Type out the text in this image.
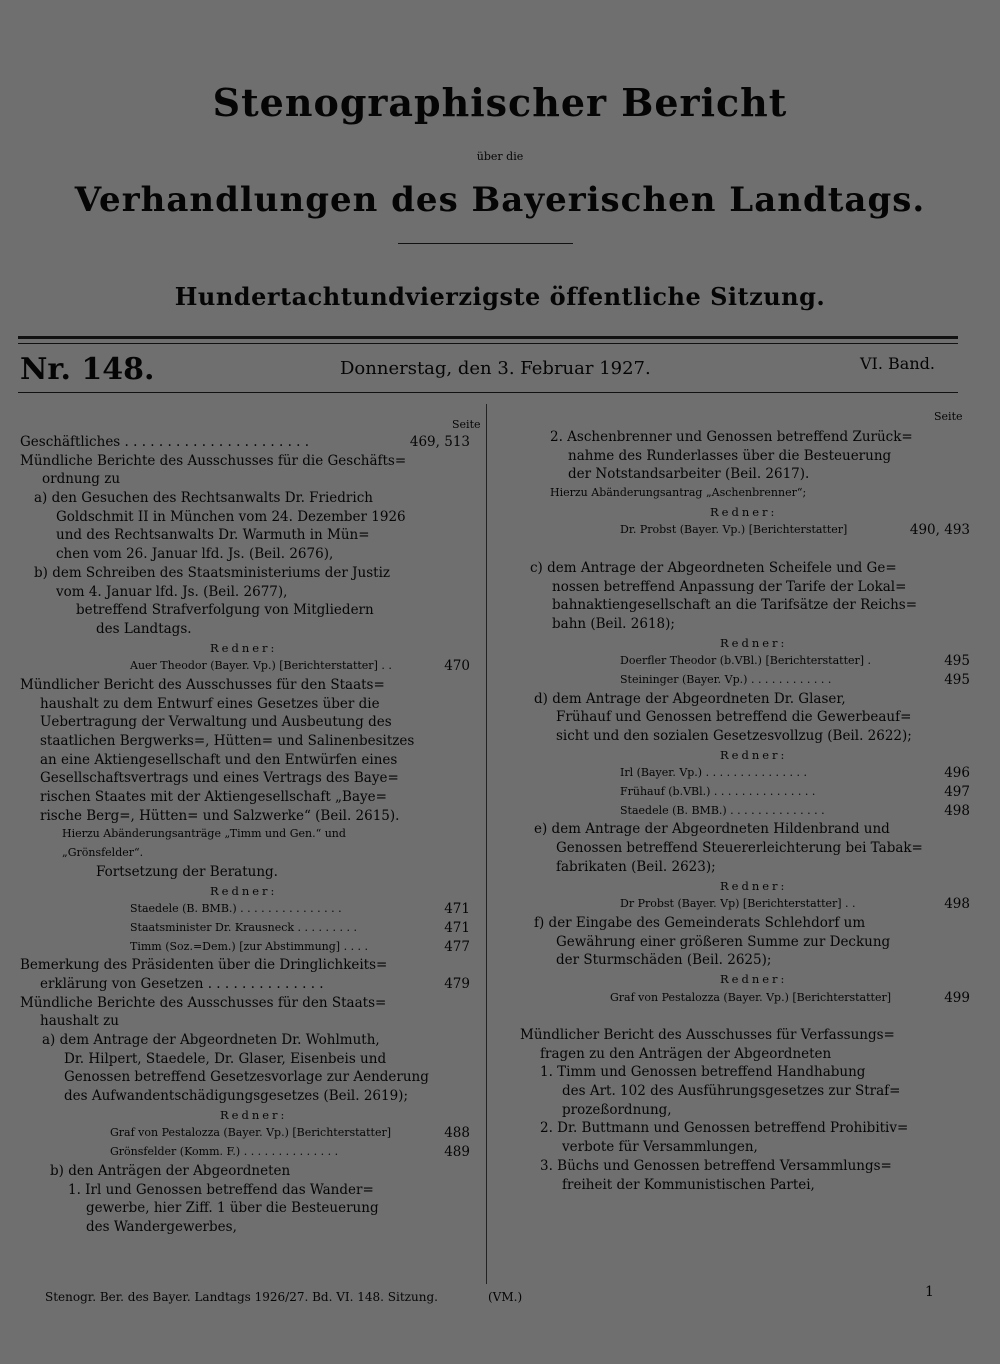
Stenographischer Bericht
über die
Verhandlungen des Bayerischen Landtags.
Hundertachtundvierzigste öffentliche Sitzung.
Nr. 148.	Donnerstag, den 3. Februar 1927.	VI. Band.
Seite
Geschäftliches . . . . . . . . . . . . . . . . . . . . . .	469, 513
Mündliche Berichte des Ausschusses für die Geschäfts=
ordnung zu
a) den Gesuchen des Rechtsanwalts Dr. Friedrich
Goldschmit II in München vom 24. Dezember 1926
und des Rechtsanwalts Dr. Warmuth in Mün=
chen vom 26. Januar lfd. Js. (Beil. 2676),
b) dem Schreiben des Staatsministeriums der Justiz
vom 4. Januar lfd. Js. (Beil. 2677),
betreffend Strafverfolgung von Mitgliedern
des Landtags.
Redner:
Auer Theodor (Bayer. Vp.) [Berichterstatter] . .	470
Mündlicher Bericht des Ausschusses für den Staats=
haushalt zu dem Entwurf eines Gesetzes über die
Uebertragung der Verwaltung und Ausbeutung des
staatlichen Bergwerks=, Hütten= und Salinenbesitzes
an eine Aktiengesellschaft und den Entwürfen eines
Gesellschaftsvertrags und eines Vertrags des Baye=
rischen Staates mit der Aktiengesellschaft „Baye=
rische Berg=, Hütten= und Salzwerke“ (Beil. 2615).
Hierzu Abänderungsanträge „Timm und Gen.“ und
„Grönsfelder“.
Fortsetzung der Beratung.
Redner:
Staedele (B. BMB.) . . . . . . . . . . . . . . .	471
Staatsminister Dr. Krausneck . . . . . . . . .	471
Timm (Soz.=Dem.) [zur Abstimmung] . . . .	477
Bemerkung des Präsidenten über die Dringlichkeits=
erklärung von Gesetzen . . . . . . . . . . . . . .	479
Mündliche Berichte des Ausschusses für den Staats=
haushalt zu
a) dem Antrage der Abgeordneten Dr. Wohlmuth,
Dr. Hilpert, Staedele, Dr. Glaser, Eisenbeis und
Genossen betreffend Gesetzesvorlage zur Aenderung
des Aufwandentschädigungsgesetzes (Beil. 2619);
Redner:
Graf von Pestalozza (Bayer. Vp.) [Berichterstatter]	488
Grönsfelder (Komm. F.) . . . . . . . . . . . . . .	489
b) den Anträgen der Abgeordneten
1. Irl und Genossen betreffend das Wander=
gewerbe, hier Ziff. 1 über die Besteuerung
des Wandergewerbes,
Seite
2. Aschenbrenner und Genossen betreffend Zurück=
nahme des Runderlasses über die Besteuerung
der Notstandsarbeiter (Beil. 2617).
Hierzu Abänderungsantrag „Aschenbrenner“;
Redner:
Dr. Probst (Bayer. Vp.) [Berichterstatter]	490, 493
c) dem Antrage der Abgeordneten Scheifele und Ge=
nossen betreffend Anpassung der Tarife der Lokal=
bahnaktiengesellschaft an die Tarifsätze der Reichs=
bahn (Beil. 2618);
Redner:
Doerfler Theodor (b.VBl.) [Berichterstatter] .	495
Steininger (Bayer. Vp.) . . . . . . . . . . . .	495
d) dem Antrage der Abgeordneten Dr. Glaser,
Frühauf und Genossen betreffend die Gewerbeauf=
sicht und den sozialen Gesetzesvollzug (Beil. 2622);
Redner:
Irl (Bayer. Vp.) . . . . . . . . . . . . . . .	496
Frühauf (b.VBl.) . . . . . . . . . . . . . . .	497
Staedele (B. BMB.) . . . . . . . . . . . . . .	498
e) dem Antrage der Abgeordneten Hildenbrand und
Genossen betreffend Steuererleichterung bei Tabak=
fabrikaten (Beil. 2623);
Redner:
Dr Probst (Bayer. Vp) [Berichterstatter] . .	498
f) der Eingabe des Gemeinderats Schlehdorf um
Gewährung einer größeren Summe zur Deckung
der Sturmschäden (Beil. 2625);
Redner:
Graf von Pestalozza (Bayer. Vp.) [Berichterstatter]	499
Mündlicher Bericht des Ausschusses für Verfassungs=
fragen zu den Anträgen der Abgeordneten
1. Timm und Genossen betreffend Handhabung
des Art. 102 des Ausführungsgesetzes zur Straf=
prozeßordnung,
2. Dr. Buttmann und Genossen betreffend Prohibitiv=
verbote für Versammlungen,
3. Büchs und Genossen betreffend Versammlungs=
freiheit der Kommunistischen Partei,
Stenogr. Ber. des Bayer. Landtags 1926/27. Bd. VI. 148. Sitzung.	(VM.)	1
